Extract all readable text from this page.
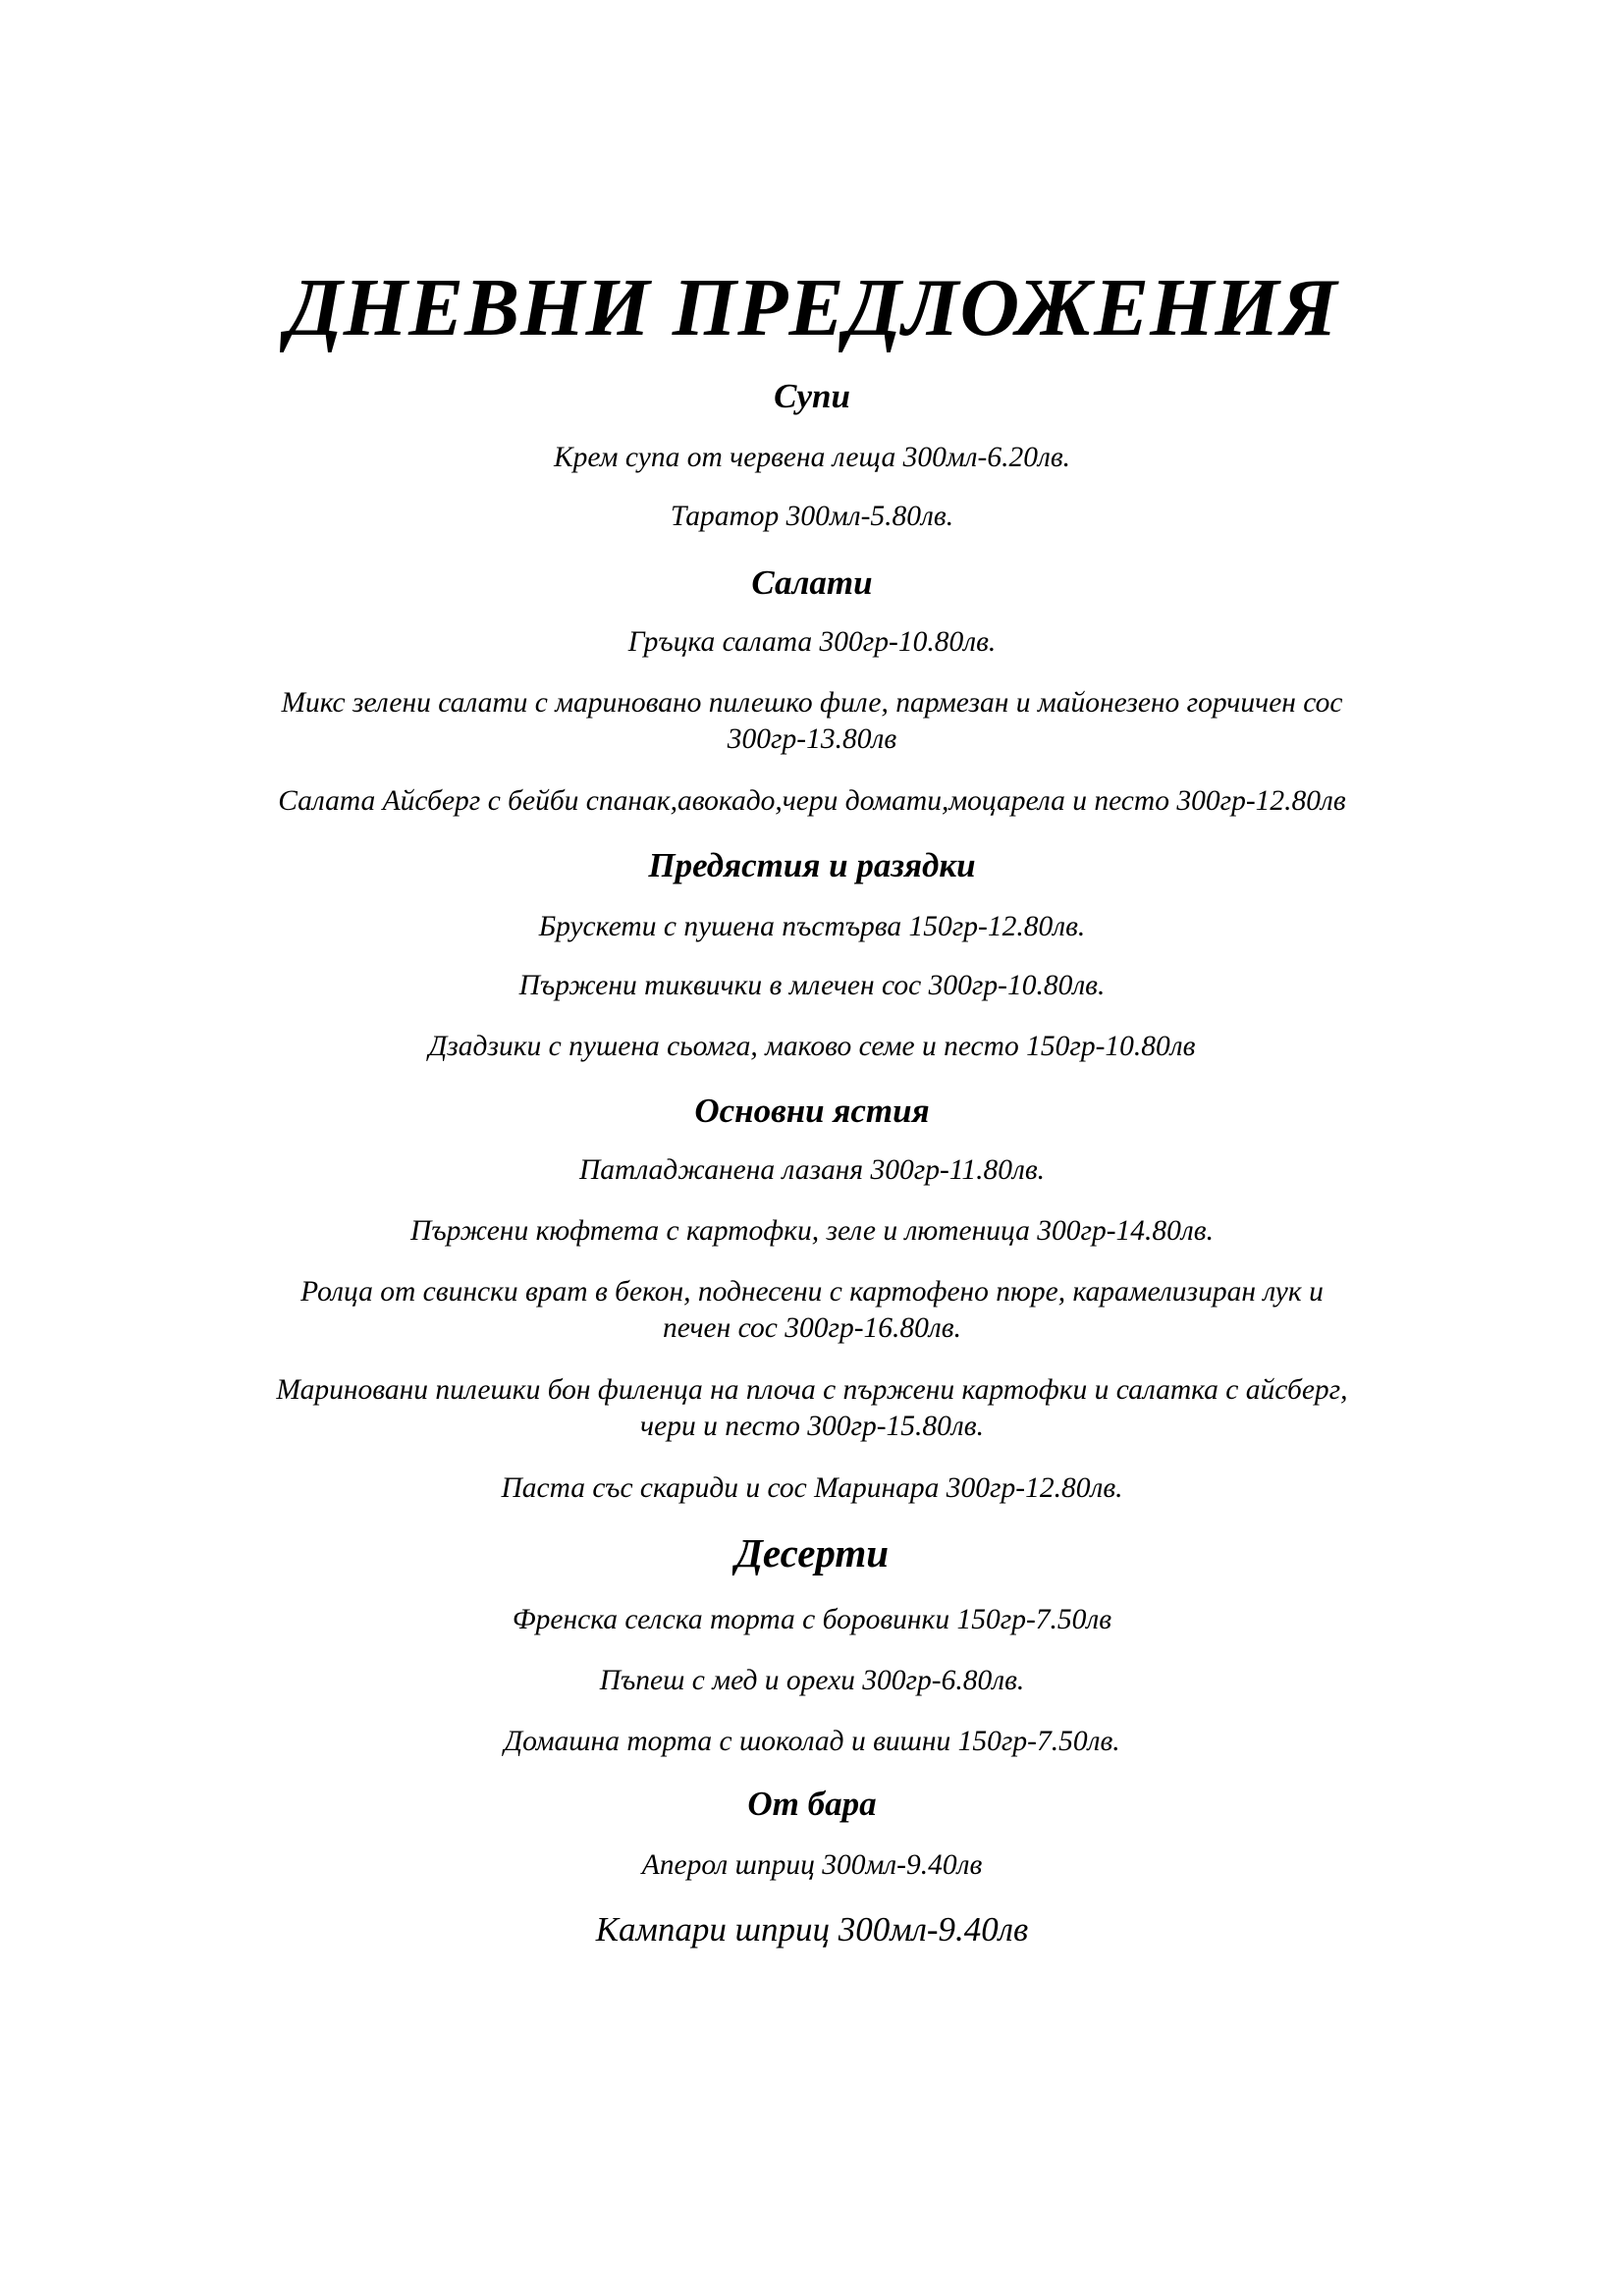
ДНЕВНИ ПРЕДЛОЖЕНИЯ
Супи
Крем супа от червена леща 300мл-6.20лв.
Таратор 300мл-5.80лв.
Салати
Гръцка салата 300гр-10.80лв.
Микс зелени салати с мариновано пилешко филе, пармезан и майонезено горчичен сос
300гр-13.80лв
Салата Айсберг с бейби спанак,авокадо,чери домати,моцарела и песто 300гр-12.80лв
Предястия и разядки
Брускети с пушена пъстърва 150гр-12.80лв.
Пържени тиквички в млечен сос 300гр-10.80лв.
Дзадзики с пушена сьомга, маково семе и песто 150гр-10.80лв
Основни ястия
Патладжанена лазаня 300гр-11.80лв.
Пържени кюфтета с картофки, зеле и лютеница 300гр-14.80лв.
Ролца от свински врат в бекон, поднесени с картофено пюре, карамелизиран лук и
печен сос 300гр-16.80лв.
Мариновани пилешки бон филенца на плоча с пържени картофки и салатка с айсберг,
чери и песто 300гр-15.80лв.
Паста със скариди и сос Маринара 300гр-12.80лв.
Десерти
Френска селска торта с боровинки 150гр-7.50лв
Пъпеш с мед и орехи 300гр-6.80лв.
Домашна торта с шоколад и вишни 150гр-7.50лв.
От бара
Аперол шприц 300мл-9.40лв
Кампари шприц 300мл-9.40лв
